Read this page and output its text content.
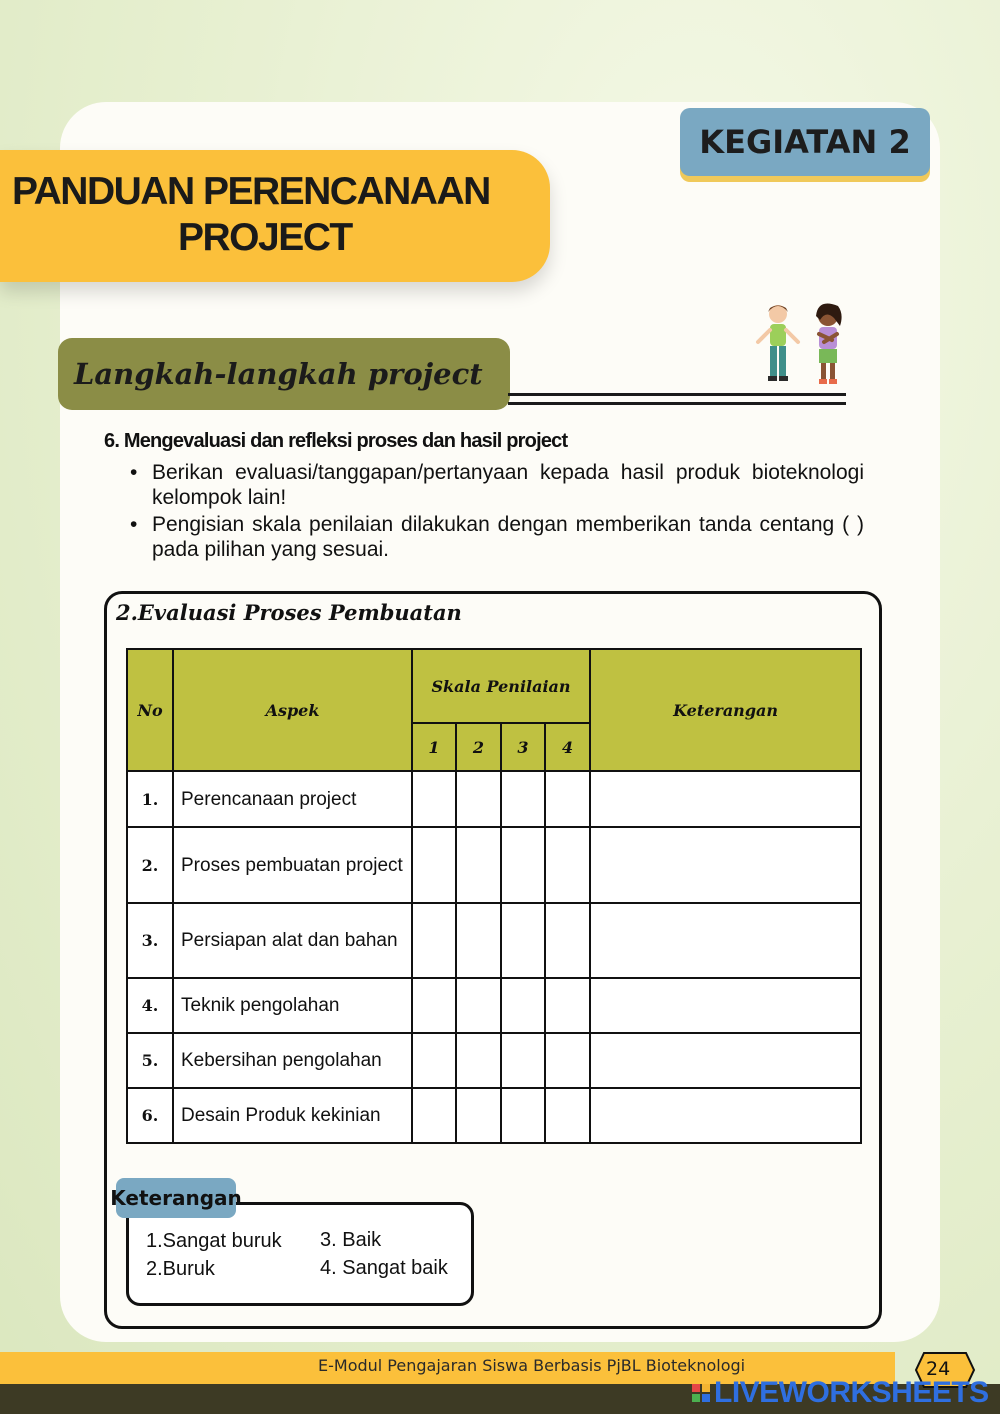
KEGIATAN 2
PANDUAN PERENCANAAN
PROJECT
Langkah-langkah project
6. Mengevaluasi dan refleksi proses dan hasil project
• Berikan evaluasi/tanggapan/pertanyaan kepada hasil produk bioteknologi kelompok lain!
• Pengisian skala penilaian dilakukan dengan memberikan tanda centang ( ) pada pilihan yang sesuai.
2.Evaluasi Proses Pembuatan
No	Aspek	Skala Penilaian				Keterangan
		1	2	3	4	
1.	Perencanaan project					
2.	Proses pembuatan project					
3.	Persiapan alat dan bahan					
4.	Teknik pengolahan					
5.	Kebersihan pengolahan					
6.	Desain Produk kekinian					
Keterangan
1.Sangat buruk
2.Buruk
3. Baik
4. Sangat baik
E-Modul Pengajaran Siswa Berbasis PjBL Bioteknologi	24
LIVEWORKSHEETS
